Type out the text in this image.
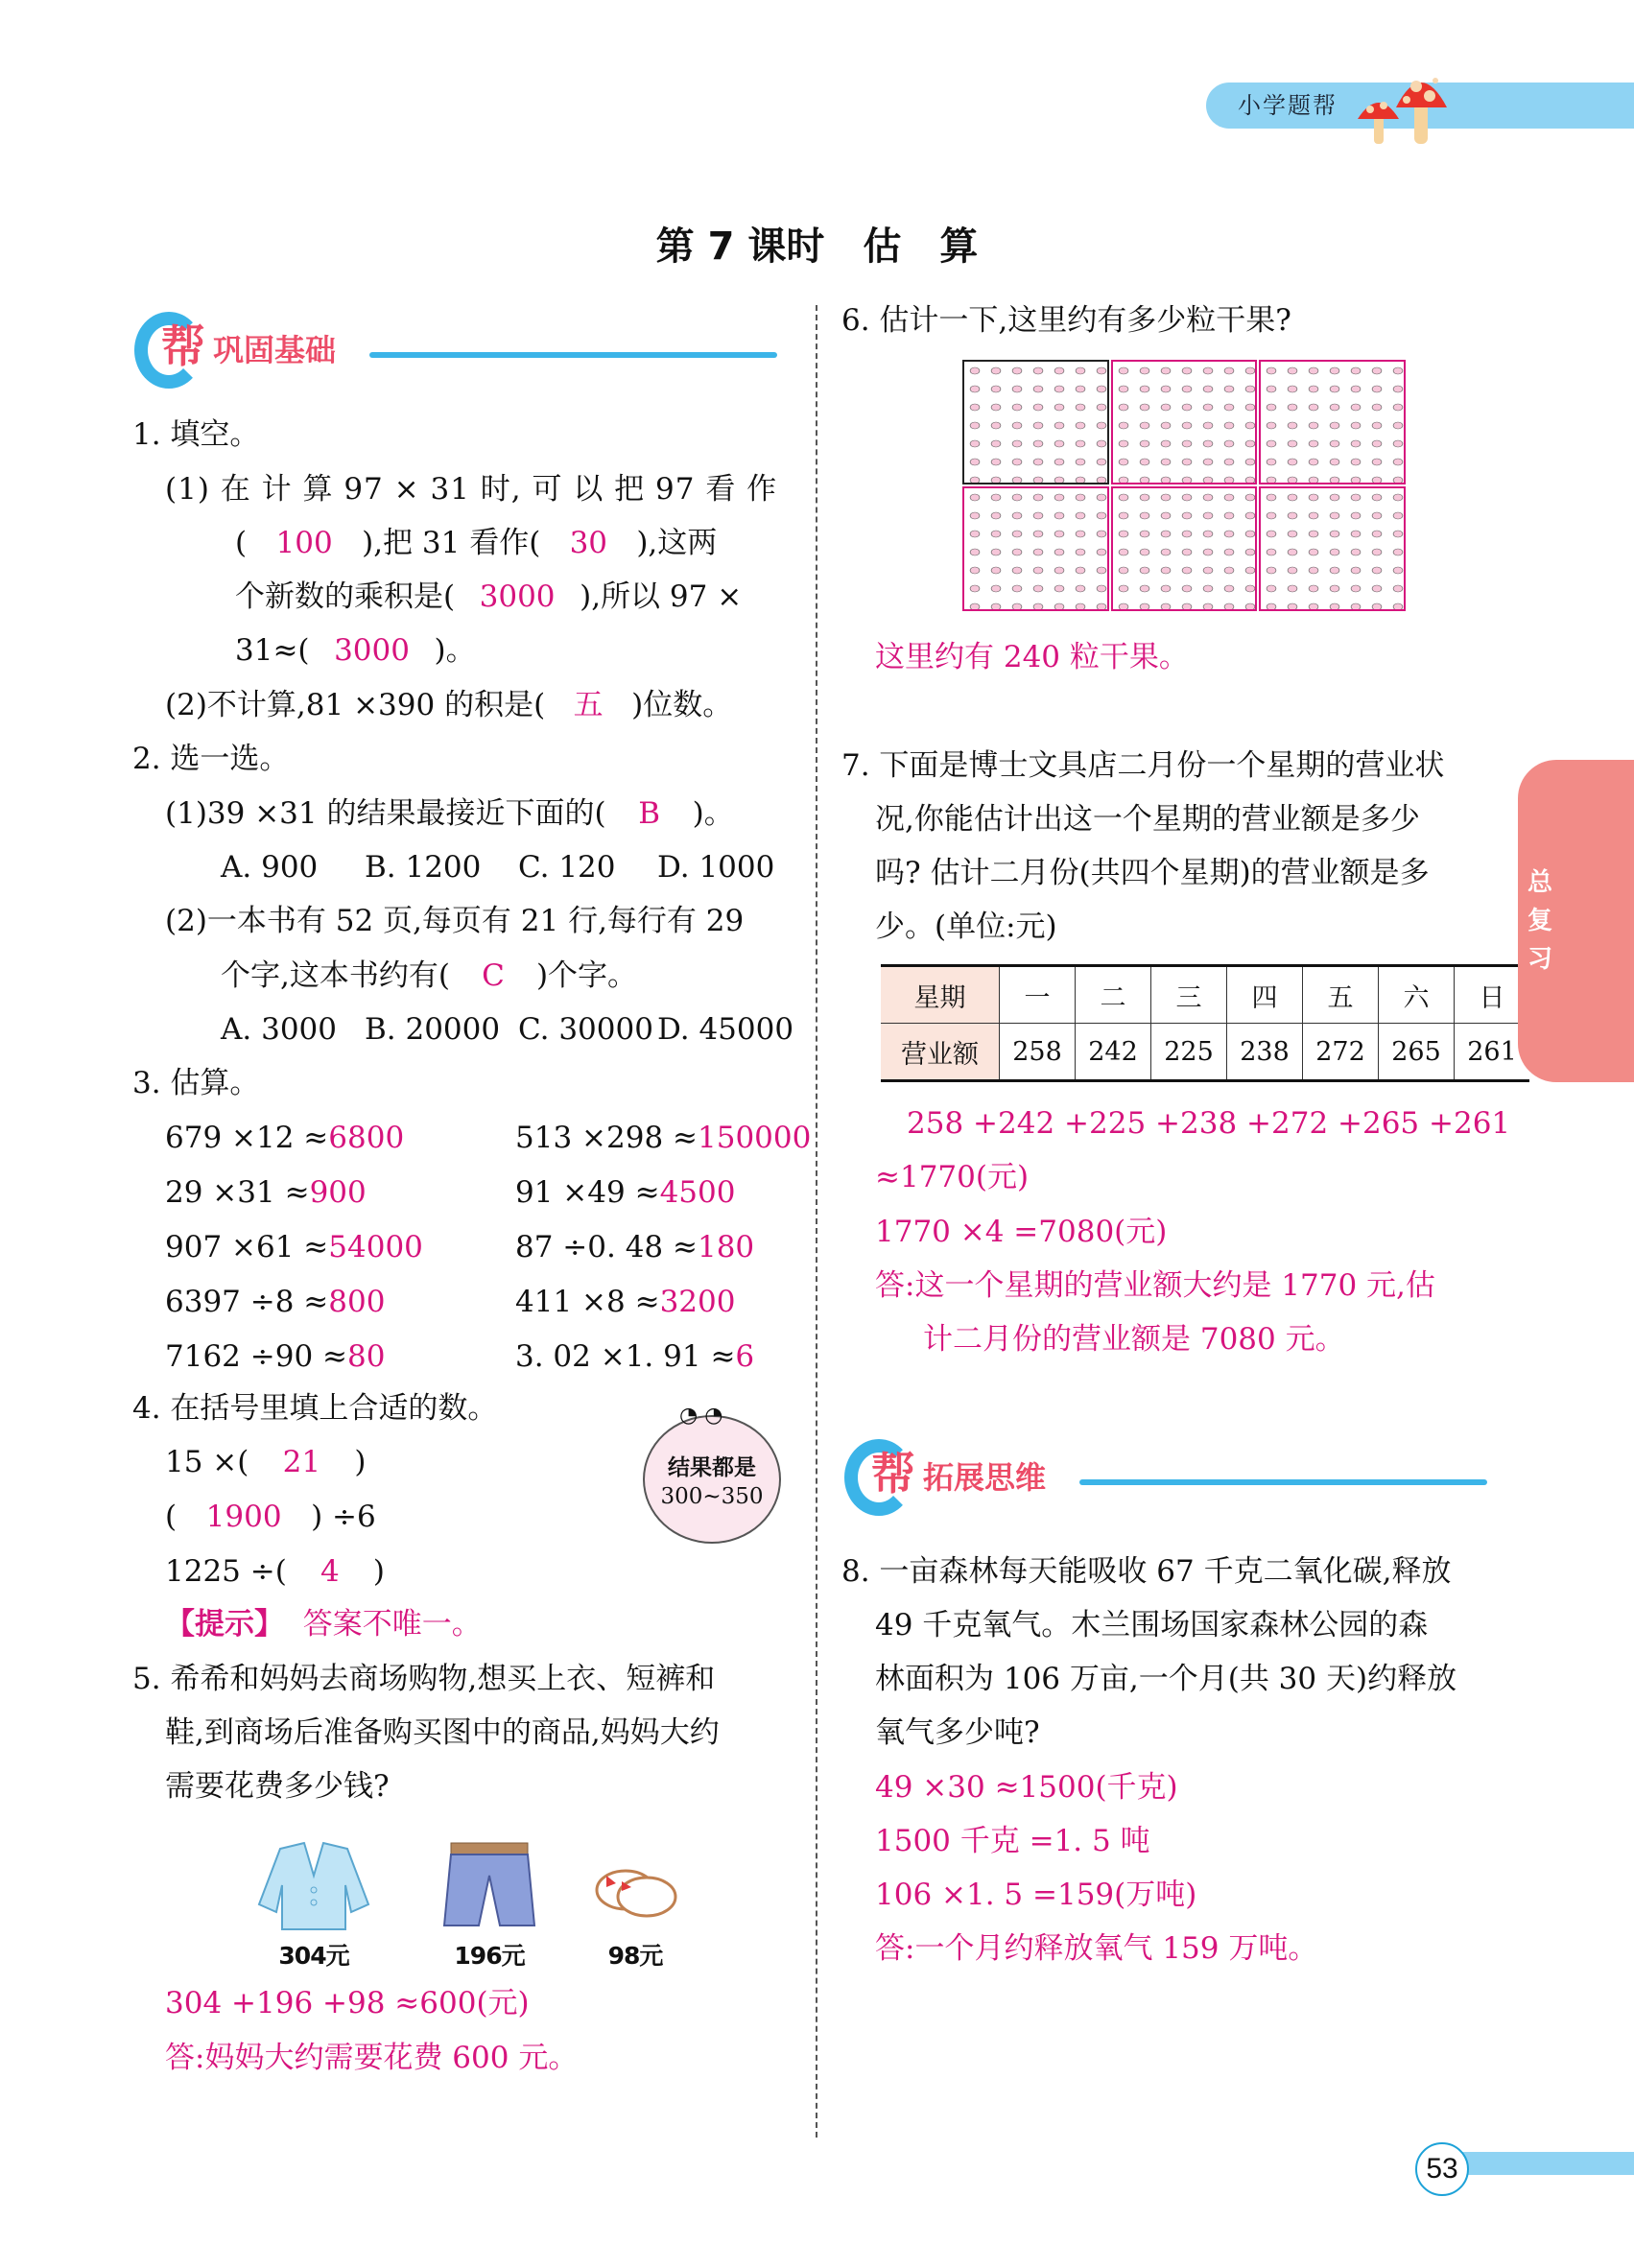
小学题帮
第 7 课时　估　算
帮 巩固基础
1. 填空。
(1) 在 计 算 97 × 31 时, 可 以 把 97 看 作
( 100 ),把 31 看作( 30 ),这两
个新数的乘积是( 3000 ),所以 97 ×
31≈( 3000 )。
(2)不计算,81 ×390 的积是( 五 )位数。
2. 选一选。
(1)39 ×31 的结果最接近下面的( B )。
A. 900 B. 1200 C. 120 D. 1000
(2)一本书有 52 页,每页有 21 行,每行有 29
个字,这本书约有( C )个字。
A. 3000 B. 20000 C. 30000 D. 45000
3. 估算。
679 ×12 ≈6800
29 ×31 ≈900
907 ×61 ≈54000
6397 ÷8 ≈800
7162 ÷90 ≈80
513 ×298 ≈150000
91 ×49 ≈4500
87 ÷0. 48 ≈180
411 ×8 ≈3200
3. 02 ×1. 91 ≈6
4. 在括号里填上合适的数。
15 ×( 21 )
( 1900 ) ÷6
1225 ÷( 4 )
◔ ◔
结果都是
300~350
【提示】 答案不唯一。
5. 希希和妈妈去商场购物,想买上衣、短裤和
鞋,到商场后准备购买图中的商品,妈妈大约
需要花费多少钱?
304元	196元	98元
304 +196 +98 ≈600(元)
答:妈妈大约需要花费 600 元。
6. 估计一下,这里约有多少粒干果?
这里约有 240 粒干果。
7. 下面是博士文具店二月份一个星期的营业状
况,你能估计出这一个星期的营业额是多少
吗? 估计二月份(共四个星期)的营业额是多
少。(单位:元)
星期	一	二	三	四	五	六	日
营业额	258	242	225	238	272	265	261
258 +242 +225 +238 +272 +265 +261
≈1770(元)
1770 ×4 =7080(元)
答:这一个星期的营业额大约是 1770 元,估
计二月份的营业额是 7080 元。
帮 拓展思维
8. 一亩森林每天能吸收 67 千克二氧化碳,释放
49 千克氧气。木兰围场国家森林公园的森
林面积为 106 万亩,一个月(共 30 天)约释放
氧气多少吨?
49 ×30 ≈1500(千克)
1500 千克 =1. 5 吨
106 ×1. 5 =159(万吨)
答:一个月约释放氧气 159 万吨。
总复习
53
